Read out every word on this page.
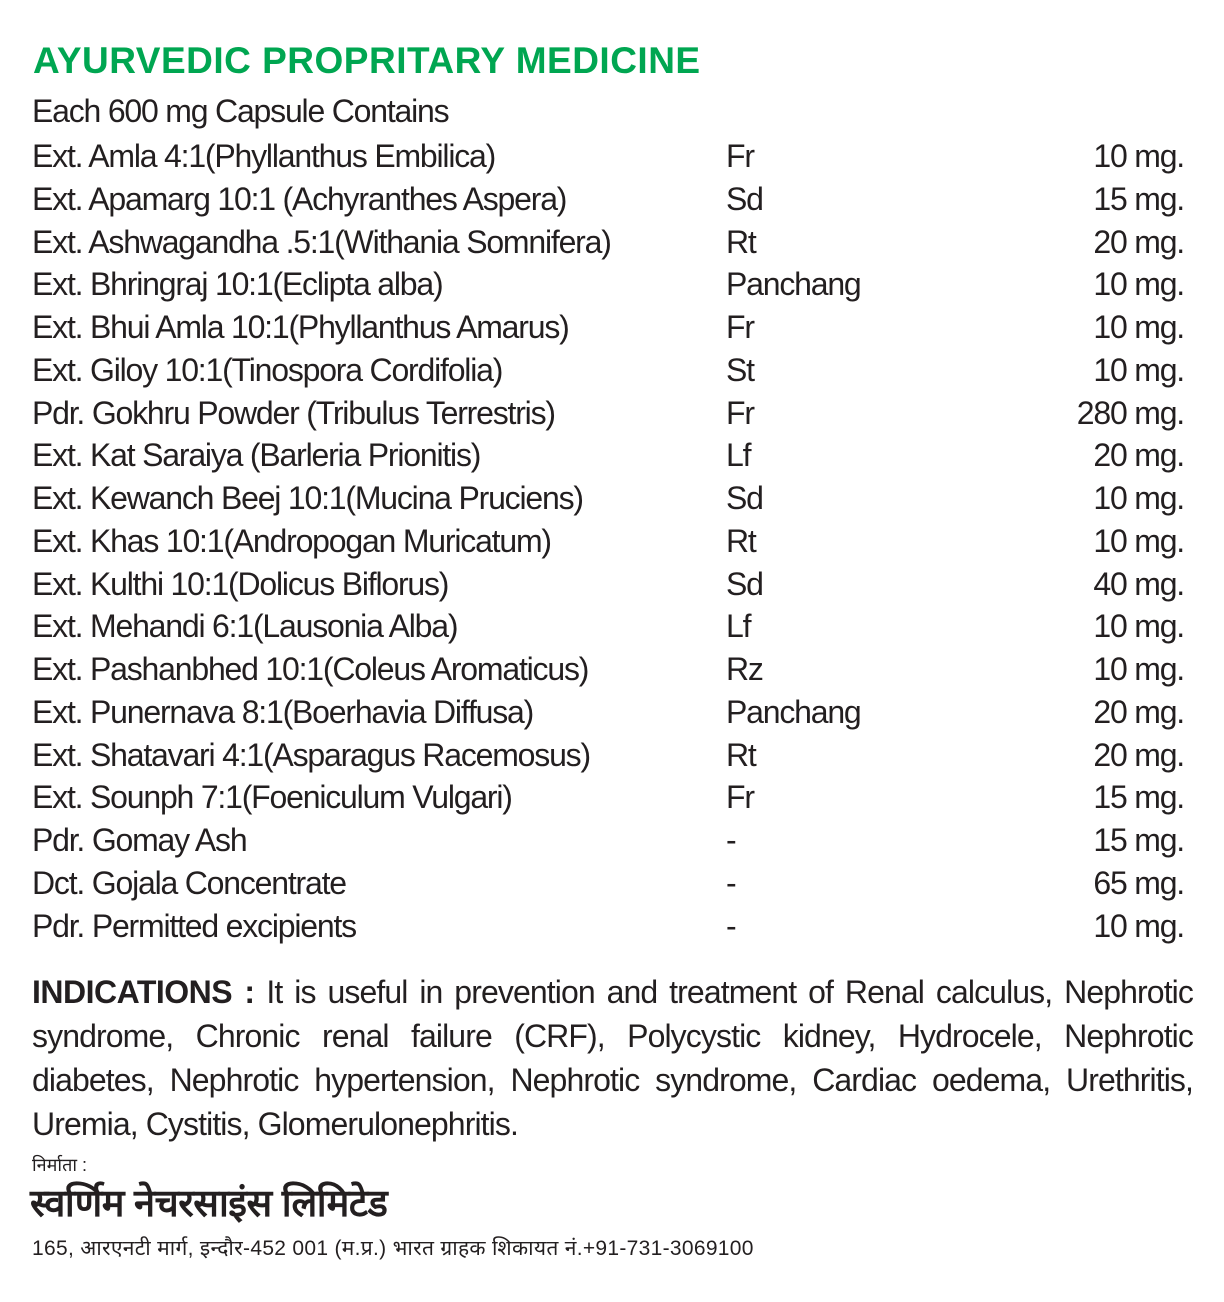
AYURVEDIC PROPRITARY MEDICINE
Each 600 mg Capsule Contains
Ext. Amla 4:1(Phyllanthus Embilica)	Fr	10 mg.
Ext. Apamarg 10:1 (Achyranthes Aspera)	Sd	15 mg.
Ext. Ashwagandha .5:1(Withania Somnifera)	Rt	20 mg.
Ext. Bhringraj 10:1(Eclipta alba)	Panchang	10 mg.
Ext. Bhui Amla 10:1(Phyllanthus Amarus)	Fr	10 mg.
Ext. Giloy 10:1(Tinospora Cordifolia)	St	10 mg.
Pdr. Gokhru Powder (Tribulus Terrestris)	Fr	280 mg.
Ext. Kat Saraiya (Barleria Prionitis)	Lf	20 mg.
Ext. Kewanch Beej 10:1(Mucina Pruciens)	Sd	10 mg.
Ext. Khas 10:1(Andropogan Muricatum)	Rt	10 mg.
Ext. Kulthi 10:1(Dolicus Biflorus)	Sd	40 mg.
Ext. Mehandi 6:1(Lausonia Alba)	Lf	10 mg.
Ext. Pashanbhed 10:1(Coleus Aromaticus)	Rz	10 mg.
Ext. Punernava 8:1(Boerhavia Diffusa)	Panchang	20 mg.
Ext. Shatavari 4:1(Asparagus Racemosus)	Rt	20 mg.
Ext. Sounph 7:1(Foeniculum Vulgari)	Fr	15 mg.
Pdr. Gomay Ash	-	15 mg.
Dct. Gojala Concentrate	-	65 mg.
Pdr. Permitted excipients	-	10 mg.
INDICATIONS : It is useful in prevention and treatment of Renal calculus, Nephrotic syndrome, Chronic renal failure (CRF), Polycystic kidney, Hydrocele, Nephrotic diabetes, Nephrotic hypertension, Nephrotic syndrome, Cardiac oedema, Urethritis, Uremia, Cystitis, Glomerulonephritis.
निर्माता :
स्वर्णिम नेचरसाइंस लिमिटेड
165, आरएनटी मार्ग, इन्दौर-452 001 (म.प्र.) भारत ग्राहक शिकायत नं.+91-731-3069100
